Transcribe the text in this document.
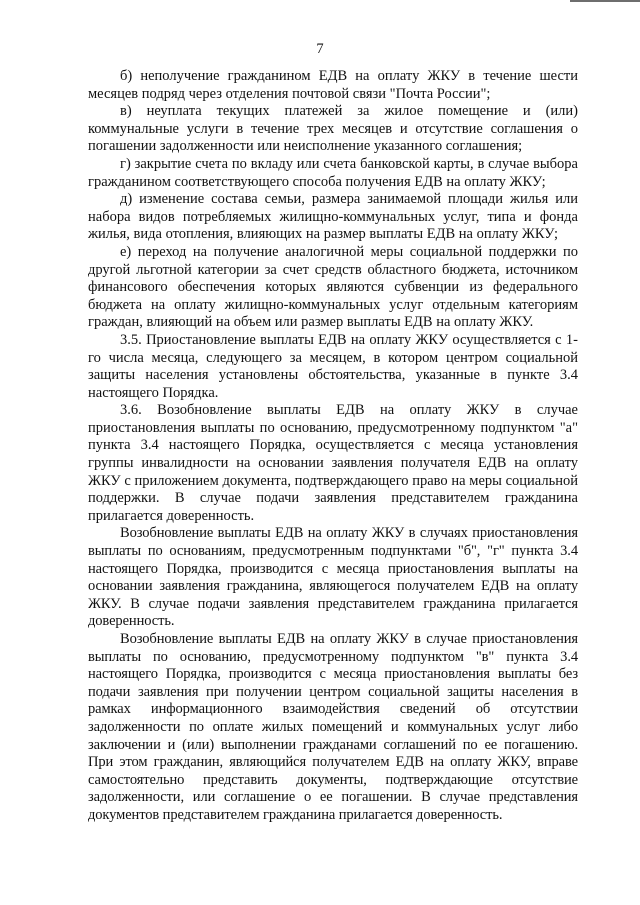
7

б) неполучение гражданином ЕДВ на оплату ЖКУ в течение шести месяцев подряд через отделения почтовой связи "Почта России";

в) неуплата текущих платежей за жилое помещение и (или) коммунальные услуги в течение трех месяцев и отсутствие соглашения о погашении задолженности или неисполнение указанного соглашения;

г) закрытие счета по вкладу или счета банковской карты, в случае выбора гражданином соответствующего способа получения ЕДВ на оплату ЖКУ;

д) изменение состава семьи, размера занимаемой площади жилья или набора видов потребляемых жилищно-коммунальных услуг, типа и фонда жилья, вида отопления, влияющих на размер выплаты ЕДВ на оплату ЖКУ;

е) переход на получение аналогичной меры социальной поддержки по другой льготной категории за счет средств областного бюджета, источником финансового обеспечения которых являются субвенции из федерального бюджета на оплату жилищно-коммунальных услуг отдельным категориям граждан, влияющий на объем или размер выплаты ЕДВ на оплату ЖКУ.

3.5. Приостановление выплаты ЕДВ на оплату ЖКУ осуществляется с 1-го числа месяца, следующего за месяцем, в котором центром социальной защиты населения установлены обстоятельства, указанные в пункте 3.4 настоящего Порядка.

3.6. Возобновление выплаты ЕДВ на оплату ЖКУ в случае приостановления выплаты по основанию, предусмотренному подпунктом "а" пункта 3.4 настоящего Порядка, осуществляется с месяца установления группы инвалидности на основании заявления получателя ЕДВ на оплату ЖКУ с приложением документа, подтверждающего право на меры социальной поддержки. В случае подачи заявления представителем гражданина прилагается доверенность.

Возобновление выплаты ЕДВ на оплату ЖКУ в случаях приостановления выплаты по основаниям, предусмотренным подпунктами "б", "г" пункта 3.4 настоящего Порядка, производится с месяца приостановления выплаты на основании заявления гражданина, являющегося получателем ЕДВ на оплату ЖКУ. В случае подачи заявления представителем гражданина прилагается доверенность.

Возобновление выплаты ЕДВ на оплату ЖКУ в случае приостановления выплаты по основанию, предусмотренному подпунктом "в" пункта 3.4 настоящего Порядка, производится с месяца приостановления выплаты без подачи заявления при получении центром социальной защиты населения в рамках информационного взаимодействия сведений об отсутствии задолженности по оплате жилых помещений и коммунальных услуг либо заключении и (или) выполнении гражданами соглашений по ее погашению. При этом гражданин, являющийся получателем ЕДВ на оплату ЖКУ, вправе самостоятельно представить документы, подтверждающие отсутствие задолженности, или соглашение о ее погашении. В случае представления документов представителем гражданина прилагается доверенность.
